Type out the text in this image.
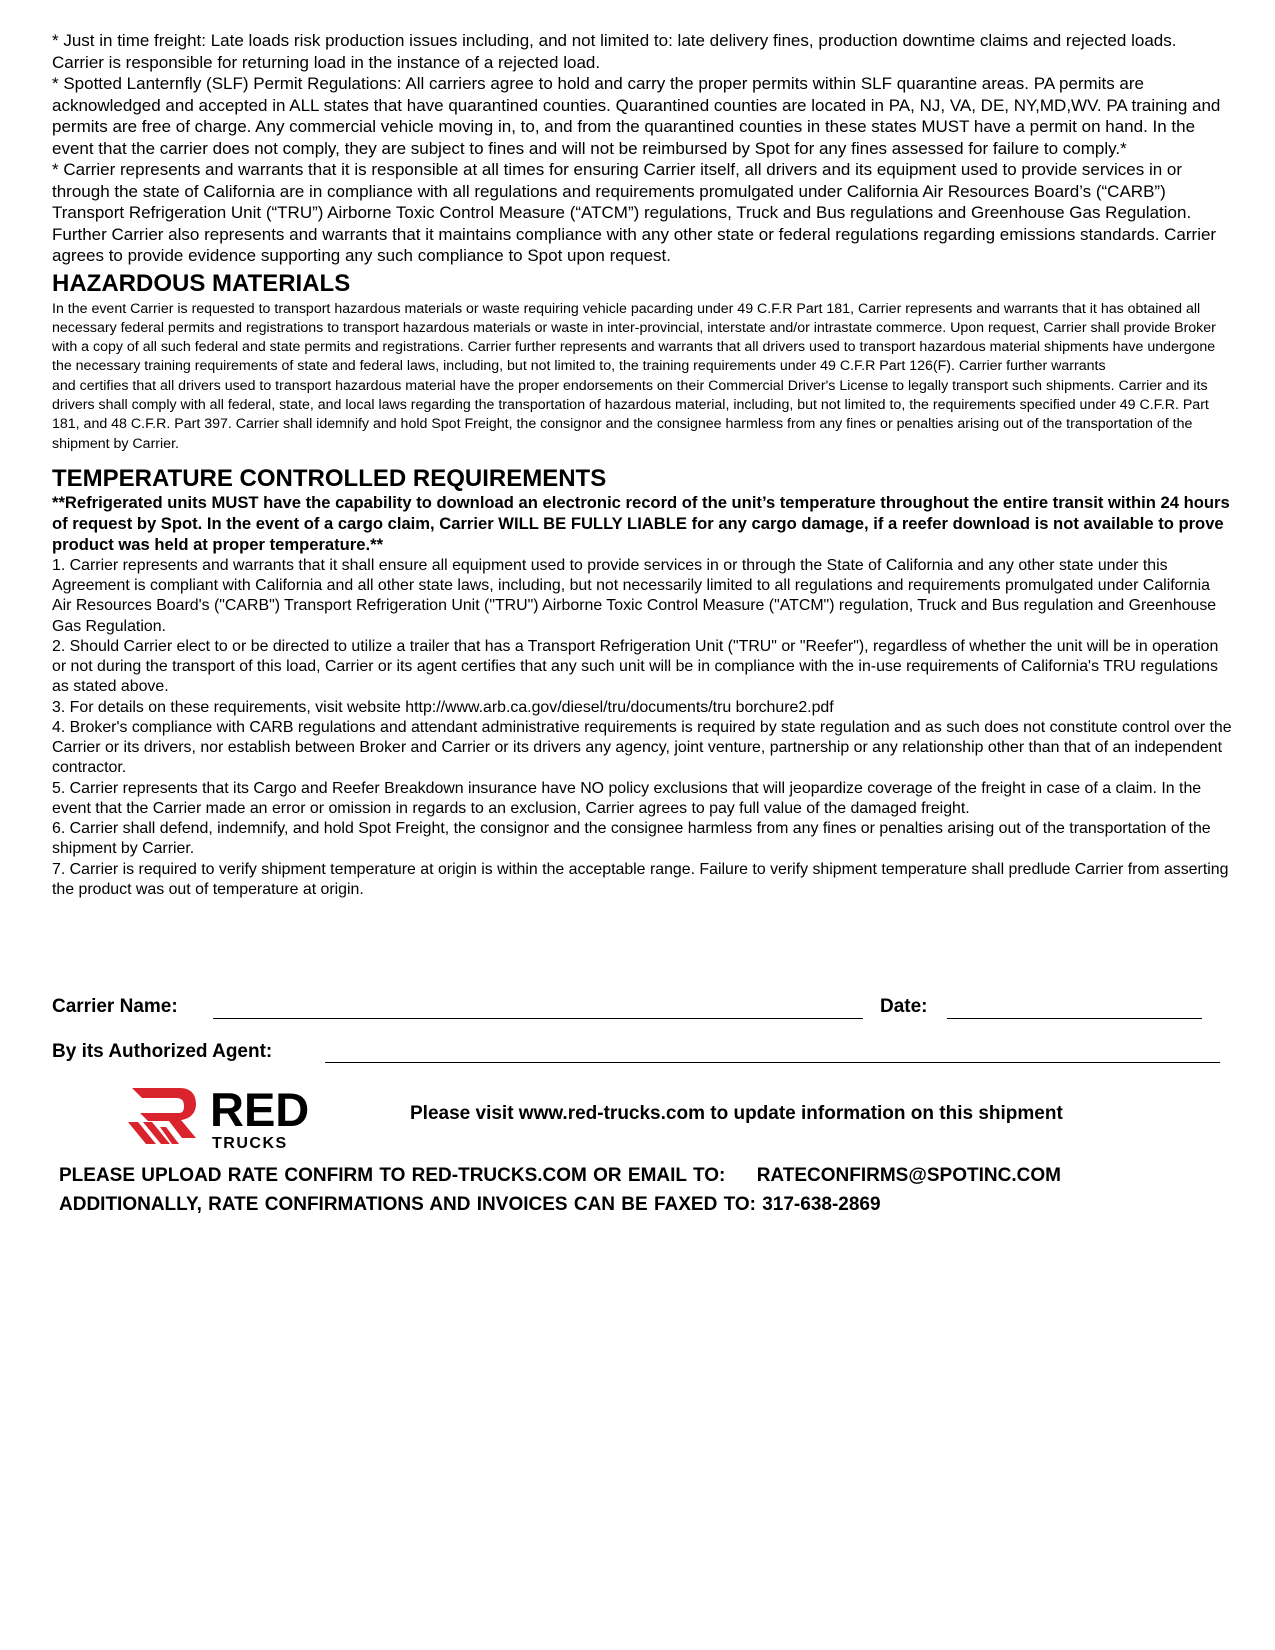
* Just in time freight: Late loads risk production issues including, and not limited to: late delivery fines, production downtime claims and rejected loads. Carrier is responsible for returning load in the instance of a rejected load.

* Spotted Lanternfly (SLF) Permit Regulations: All carriers agree to hold and carry the proper permits within SLF quarantine areas. PA permits are acknowledged and accepted in ALL states that have quarantined counties. Quarantined counties are located in PA, NJ, VA, DE, NY,MD,WV. PA training and permits are free of charge. Any commercial vehicle moving in, to, and from the quarantined counties in these states MUST have a permit on hand. In the event that the carrier does not comply, they are subject to fines and will not be reimbursed by Spot for any fines assessed for failure to comply.*

* Carrier represents and warrants that it is responsible at all times for ensuring Carrier itself, all drivers and its equipment used to provide services in or through the state of California are in compliance with all regulations and requirements promulgated under California Air Resources Board’s (“CARB”) Transport Refrigeration Unit (“TRU”) Airborne Toxic Control Measure (“ATCM”) regulations, Truck and Bus regulations and Greenhouse Gas Regulation. Further Carrier also represents and warrants that it maintains compliance with any other state or federal regulations regarding emissions standards. Carrier agrees to provide evidence supporting any such compliance to Spot upon request.

HAZARDOUS MATERIALS

In the event Carrier is requested to transport hazardous materials or waste requiring vehicle pacarding under 49 C.F.R Part 181, Carrier represents and warrants that it has obtained all necessary federal permits and registrations to transport hazardous materials or waste in inter-provincial, interstate and/or intrastate commerce. Upon request, Carrier shall provide Broker with a copy of all such federal and state permits and registrations. Carrier further represents and warrants that all drivers used to transport hazardous material shipments have undergone the necessary training requirements of state and federal laws, including, but not limited to, the training requirements under 49 C.F.R Part 126(F). Carrier further warrants
and certifies that all drivers used to transport hazardous material have the proper endorsements on their Commercial Driver's License to legally transport such shipments. Carrier and its drivers shall comply with all federal, state, and local laws regarding the transportation of hazardous material, including, but not limited to, the requirements specified under 49 C.F.R. Part 181, and 48 C.F.R. Part 397. Carrier shall idemnify and hold Spot Freight, the consignor and the consignee harmless from any fines or penalties arising out of the transportation of the shipment by Carrier.

TEMPERATURE CONTROLLED REQUIREMENTS

**Refrigerated units MUST have the capability to download an electronic record of the unit’s temperature throughout the entire transit within 24 hours of request by Spot. In the event of a cargo claim, Carrier WILL BE FULLY LIABLE for any cargo damage, if a reefer download is not available to prove product was held at proper temperature.**

1. Carrier represents and warrants that it shall ensure all equipment used to provide services in or through the State of California and any other state under this Agreement is compliant with California and all other state laws, including, but not necessarily limited to all regulations and requirements promulgated under California Air Resources Board's ("CARB") Transport Refrigeration Unit ("TRU") Airborne Toxic Control Measure ("ATCM") regulation, Truck and Bus regulation and Greenhouse Gas Regulation.

2. Should Carrier elect to or be directed to utilize a trailer that has a Transport Refrigeration Unit ("TRU" or "Reefer"), regardless of whether the unit will be in operation or not during the transport of this load, Carrier or its agent certifies that any such unit will be in compliance with the in-use requirements of California's TRU regulations as stated above.

3. For details on these requirements, visit website http://www.arb.ca.gov/diesel/tru/documents/tru borchure2.pdf

4. Broker's compliance with CARB regulations and attendant administrative requirements is required by state regulation and as such does not constitute control over the Carrier or its drivers, nor establish between Broker and Carrier or its drivers any agency, joint venture, partnership or any relationship other than that of an independent contractor.

5. Carrier represents that its Cargo and Reefer Breakdown insurance have NO policy exclusions that will jeopardize coverage of the freight in case of a claim. In the event that the Carrier made an error or omission in regards to an exclusion, Carrier agrees to pay full value of the damaged freight.

6. Carrier shall defend, indemnify, and hold Spot Freight, the consignor and the consignee harmless from any fines or penalties arising out of the transportation of the shipment by Carrier.

7. Carrier is required to verify shipment temperature at origin is within the acceptable range. Failure to verify shipment temperature shall predlude Carrier from asserting the product was out of temperature at origin.

Carrier Name:	Date:
By its Authorized Agent:
RED
TRUCKS
Please visit www.red-trucks.com to update information on this shipment
PLEASE UPLOAD RATE CONFIRM TO RED-TRUCKS.COM OR EMAIL TO:     RATECONFIRMS@SPOTINC.COM
ADDITIONALLY, RATE CONFIRMATIONS AND INVOICES CAN BE FAXED TO: 317-638-2869
